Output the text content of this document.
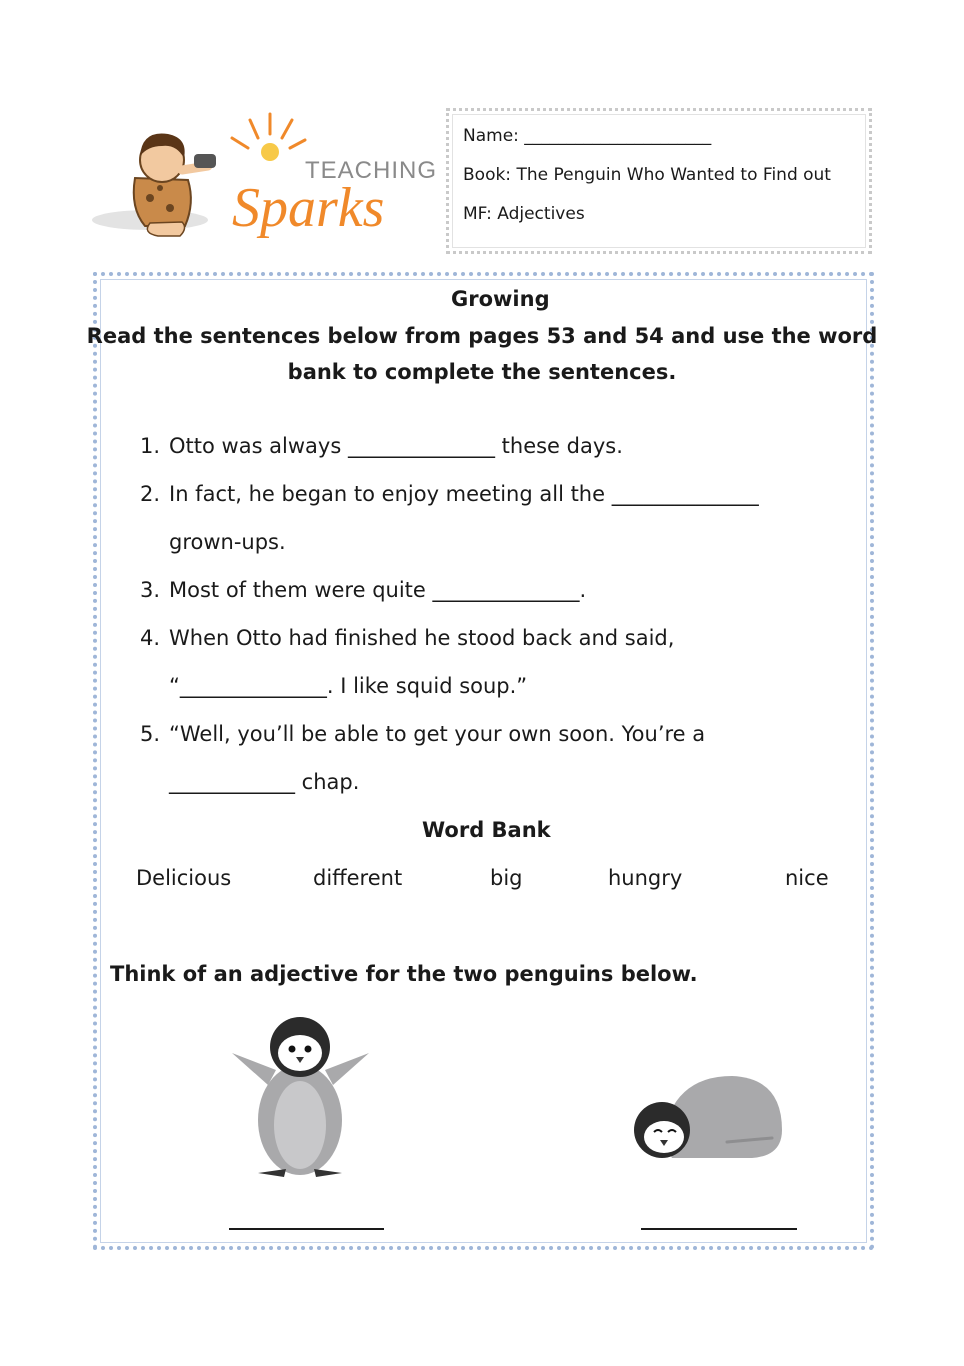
TEACHING
Sparks
Name: ______________________
Book: The Penguin Who Wanted to Find out
MF: Adjectives
Growing
Read the sentences below from pages 53 and 54 and use the word
bank to complete the sentences.
1. Otto was always ______________ these days.
2. In fact, he began to enjoy meeting all the ______________
grown-ups.
3. Most of them were quite ______________.
4. When Otto had finished he stood back and said,
“______________. I like squid soup.”
5. “Well, you’ll be able to get your own soon. You’re a
____________ chap.
Word Bank
Delicious	different	big	hungry	nice
Think of an adjective for the two penguins below.
